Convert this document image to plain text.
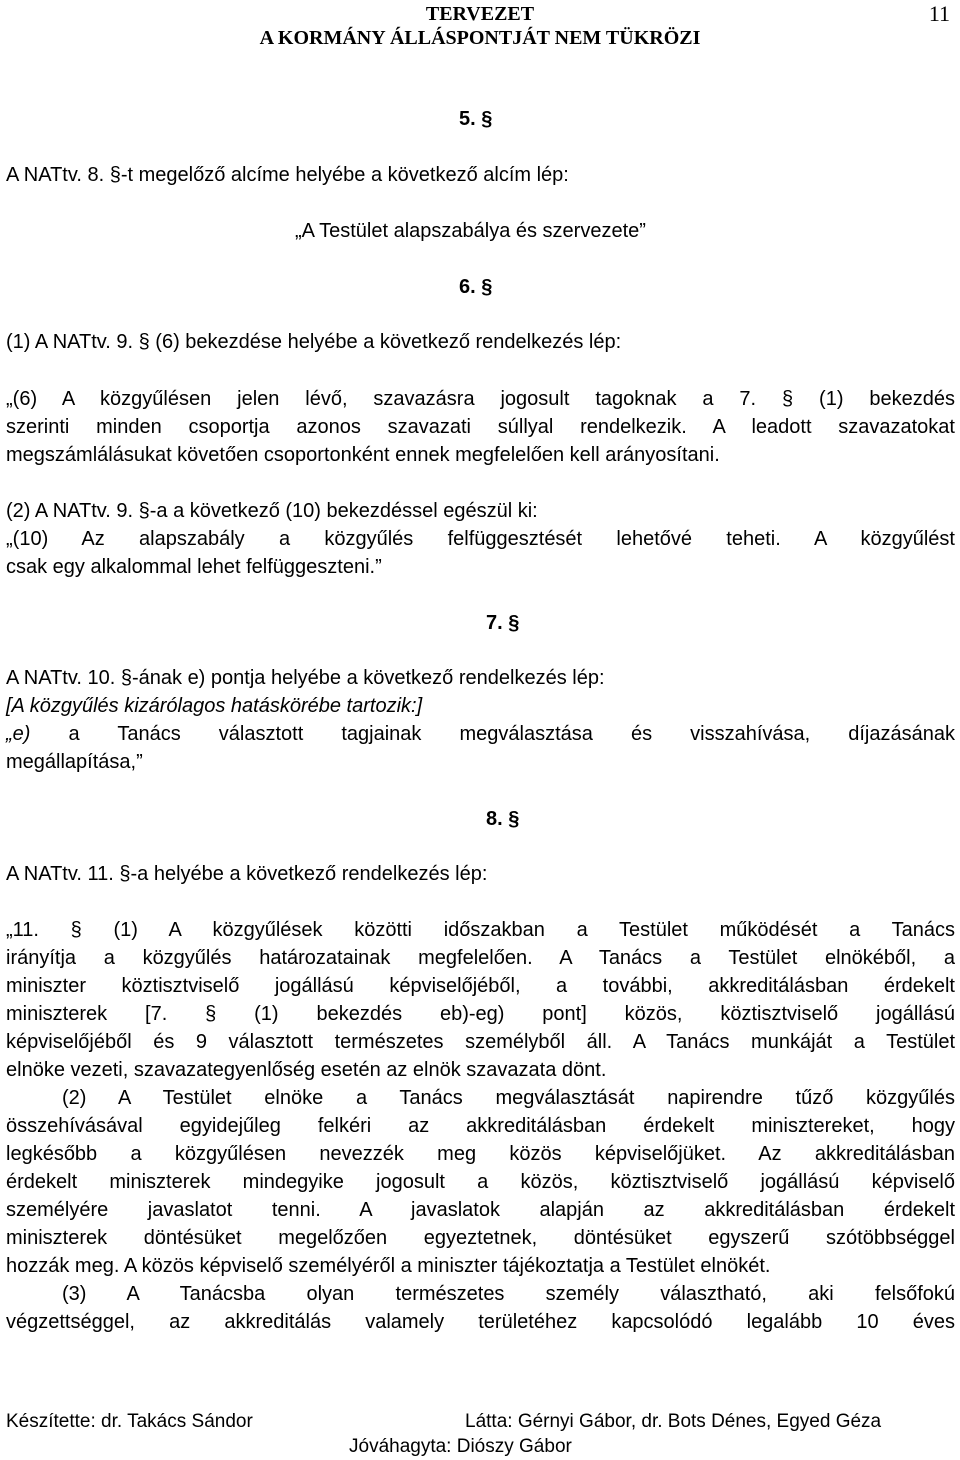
TERVEZET
A KORMÁNY ÁLLÁSPONTJÁT NEM TÜKRÖZI
11
5. §
A NATtv. 8. §-t megelőző alcíme helyébe a következő alcím lép:
„A Testület alapszabálya és szervezete”
6. §
(1) A NATtv. 9. § (6) bekezdése helyébe a következő rendelkezés lép:
„(6) A közgyűlésen jelen lévő, szavazásra jogosult tagoknak a 7. § (1) bekezdés
szerinti minden csoportja azonos szavazati súllyal rendelkezik. A leadott szavazatokat
megszámlálásukat követően csoportonként ennek megfelelően kell arányosítani.
(2) A NATtv. 9. §-a a következő (10) bekezdéssel egészül ki:
„(10) Az alapszabály a közgyűlés felfüggesztését lehetővé teheti. A közgyűlést
csak egy alkalommal lehet felfüggeszteni.”
7. §
A NATtv. 10. §-ának e) pontja helyébe a következő rendelkezés lép:
[A közgyűlés kizárólagos hatáskörébe tartozik:]
„e) a Tanács választott tagjainak megválasztása és visszahívása, díjazásának
megállapítása,”
8. §
A NATtv. 11. §-a helyébe a következő rendelkezés lép:
„11. § (1) A közgyűlések közötti időszakban a Testület működését a Tanács
irányítja a közgyűlés határozatainak megfelelően. A Tanács a Testület elnökéből, a
miniszter köztisztviselő jogállású képviselőjéből, a további, akkreditálásban érdekelt
miniszterek [7. § (1) bekezdés eb)-eg) pont] közös, köztisztviselő jogállású
képviselőjéből és 9 választott természetes személyből áll. A Tanács munkáját a Testület
elnöke vezeti, szavazategyenlőség esetén az elnök szavazata dönt.
(2) A Testület elnöke a Tanács megválasztását napirendre tűző közgyűlés
összehívásával egyidejűleg felkéri az akkreditálásban érdekelt minisztereket, hogy
legkésőbb a közgyűlésen nevezzék meg közös képviselőjüket. Az akkreditálásban
érdekelt miniszterek mindegyike jogosult a közös, köztisztviselő jogállású képviselő
személyére javaslatot tenni. A javaslatok alapján az akkreditálásban érdekelt
miniszterek döntésüket megelőzően egyeztetnek, döntésüket egyszerű szótöbbséggel
hozzák meg. A közös képviselő személyéről a miniszter tájékoztatja a Testület elnökét.
(3) A Tanácsba olyan természetes személy választható, aki felsőfokú
végzettséggel, az akkreditálás valamely területéhez kapcsolódó legalább 10 éves
Készítette: dr. Takács Sándor	Látta: Gérnyi Gábor, dr. Bots Dénes, Egyed Géza
Jóváhagyta: Diószy Gábor
